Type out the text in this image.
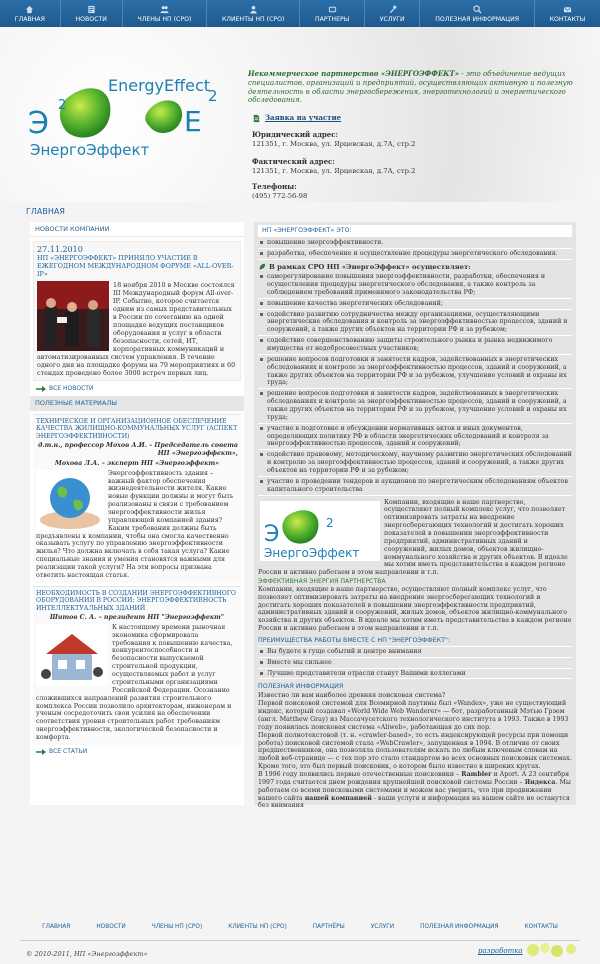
ГЛАВНАЯ	НОВОСТИ	ЧЛЕНЫ НП (СРО)	КЛИЕНТЫ НП (СРО)	ПАРТНЕРЫ	УСЛУГИ	ПОЛЕЗНАЯ ИНФОРМАЦИЯ	КОНТАКТЫ
Э
2
EnergyEffect
2
E
ЭнергоЭффект
Некоммерческое партнерство «ЭНЕРГОЭФФЕКТ» - это объединение ведущих специалистов, организаций и предприятий, осуществляющих активную и полезную деятельность в области энергосбережения, энерготехнологий и энергетического обследования.
Заявка на участие
Юридический адрес:
121351, г. Москва, ул. Ярцевская, д.7А, стр.2
Фактический адрес:
121351, г. Москва, ул. Ярцевская, д.7А, стр.2
Телефоны:
(495) 772-56-98
ГЛАВНАЯ
НОВОСТИ КОМПАНИИ
27.11.2010
НП «ЭНЕРГОЭФФЕКТ» ПРИНЯЛО УЧАСТИЕ В ЕЖЕГОДНОМ МЕЖДУНАРОДНОМ ФОРУМЕ «ALL-OVER-IP»
18 ноября 2010 в Москве состоялся III Международный форум All-over-IP. Событие, которое считается одним из самых представительных в России по сочетанию на одной площадке ведущих поставщиков оборудования и услуг в области безопасности, сетей, ИТ, корпоративных коммуникаций и автоматизированных систем управления. В течение одного дня на площадке форума на 79 мероприятиях и 60 стендах проведено более 3000 встреч первых лиц.
ВСЕ НОВОСТИ
ПОЛЕЗНЫЕ МАТЕРИАЛЫ
ТЕХНИЧЕСКОЕ И ОРГАНИЗАЦИОННОЕ ОБЕСПЕЧЕНИЕ КАЧЕСТВА ЖИЛИЩНО-КОММУНАЛЬНЫХ УСЛУГ (АСПЕКТ ЭНЕРГОЭФФЕКТИВНОСТИ)
д.т.н., профессор Мохов А.И. – Председатель совета НП «Энергоэффект»,
Мохова Л.А. – эксперт НП «Энергоэффект»
Энергоэффективность здания – важный фактор обеспечения жизнедеятельности жителя. Какие новые функции должны и могут быть реализованы в связи с требованием энергоэффективности жилья управляющей компанией здания? Каким требования должны быть предъявлены к компании, чтобы она смогла качественно оказывать услугу по управлению энергоэффективности жилья? Что должна включать в себя такая услуга? Какие специальные знания и умения становятся важными для реализации такой услуги? На эти вопросы призвана ответить настоящая статья.
НЕОБХОДИМОСТЬ В СОЗДАНИИ ЭНЕРГОЭФФЕКТИВНОГО ОБОРУДОВАНИЯ В РОССИИ: ЭНЕРГОЭФФЕКТИВНОСТЬ ИНТЕЛЛЕКТУАЛЬНЫХ ЗДАНИЙ
Шитов С. А. – президент НП "Энергоэффект"
К настоящему времени рыночная экономика сформировала требования к повышению качества, конкурентоспособности и безопасности выпускаемой строительной продукции, осуществляемых работ и услуг строительными организациями Российской Федерации. Осознание сложившихся направлений развития строительного комплекса России позволило архитекторам, инженерам и ученым сосредоточить свои усилия на обеспечении соответствия уровня строительных работ требованиям энергоэффективности, экологической безопасности и комфорта.
ВСЕ СТАТЬИ
НП «ЭНЕРГОЭФФЕКТ» ЭТО:
повышение энергоэффективности.
разработка, обеспечение и осуществление процедуры энергетического обследования.
В рамках СРО НП «ЭнергоЭффект» осуществляет:
саморегулирование повышения энергоэффективности, разработки, обеспечения и осуществления процедуры энергетического обследования, а также контроль за соблюдением требований применимого законодательства РФ;
повышение качества энергетических обследований;
содействие развитию сотрудничества между организациями, осуществляющими энергетические обследования и контроль за энергоэффективностью процессов, зданий и сооружений, а также других объектов на территории РФ и за рубежом;
содействие совершенствованию защиты строительного рынка и рынка недвижимого имущества от недобросовестных участников;
решение вопросов подготовки и занятости кадров, задействованных в энергетических обследованиях и контроле за энергоэффективностью процессов, зданий и сооружений, а также других объектов на территории РФ и за рубежом, улучшение условий и охраны их труда;
решение вопросов подготовки и занятости кадров, задействованных в энергетических обследованиях и контроле за энергоэффективностью процессов, зданий и сооружений, а также других объектов на территории РФ и за рубежом, улучшение условий и охраны их труда;
участие в подготовке и обсуждении нормативных актов и иных документов, определяющих политику РФ в области энергетических обследований и контроля за энергоэффективностью процессов, зданий и сооружений;
содействие правовому, методическому, научному развитию энергетических обследований и контролю за энергоэффективностью процессов, зданий и сооружений, а также других объектов на территории РФ и за рубежом;
участие в проведении тендеров и аукционов по энергетическим обследованиям объектов капитального строительства
Э	2
ЭнергоЭффект
Компании, входящие в наше партнерство, осуществляют полный комплекс услуг, что позволяет оптимизировать затраты на внедрение энергосберегающих технологий и достигать хороших показателей в повышении энергоэффективности предприятий, административных зданий и сооружений, жилых домов, объектов жилищно-коммунального хозяйства и других объектов. В идеале мы хотим иметь представительства в каждом регионе России и активно работаем в этом направлении и т.п.
ЭФФЕКТИВНАЯ ЭНЕРГИЯ ПАРТНЕРСТВА
Компании, входящие в наше партнерство, осуществляют полный комплекс услуг, что позволяет оптимизировать затраты на внедрение энергосберегающих технологий и достигать хороших показателей в повышении энергоэффективности предприятий, административных зданий и сооружений, жилых домов, объектов жилищно-коммунального хозяйства и других объектов. В идеале мы хотим иметь представительства в каждом регионе России и активно работаем в этом направлении и т.п.
ПРЕИМУЩЕСТВА РАБОТЫ ВМЕСТЕ С НП "ЭНЕРГОЭФФЕКТ":
Вы будете в гуще событий и центре внимания
Вместе мы сильнее
Лучшие представители отрасли станут Вашими коллегами
ПОЛЕЗНАЯ ИНФОРМАЦИЯ
Известно ли вам наиболее древняя поисковая система?
Первой поисковой системой для Всемирной паутины был «Wandex», уже не существующий индекс, который создавал «World Wide Web Wanderer» — бот, разработанный Мэтью Грэем (англ. Matthew Gray) из Массачусетского технологического института в 1993. Также в 1993 году появилась поисковая система «Aliweb», работающая до сих пор.
Первой полнотекстовой (т. н. «crawler-based», то есть индексирующей ресурсы при помощи робота) поисковой системой стала «WebCrawler», запущенная в 1994. В отличие от своих предшественников, она позволяла пользователям искать по любым ключевым словам на любой веб-странице — с тех пор это стало стандартом во всех основных поисковых системах. Кроме того, это был первый поисковик, о котором было известно в широких кругах.
В 1996 году появились первые отечественные поисковики – Rambler и Aport. А 23 сентября 1997 года считается днем рождения крупнейшей поисковой системы России – Яндекса. Мы работаем со всеми поисковыми системами и можем вас уверить, что при продвижении вашего сайта нашей компанией - ваши услуги и информация на вашем сайте не останутся без внимания
ГЛАВНАЯ	НОВОСТИ	ЧЛЕНЫ НП (СРО)	КЛИЕНТЫ НП (СРО)	ПАРТНЁРЫ	УСЛУГИ	ПОЛЕЗНАЯ ИНФОРМАЦИЯ	КОНТАКТЫ
© 2010-2011, НП «Энергоэффект»	разработка
